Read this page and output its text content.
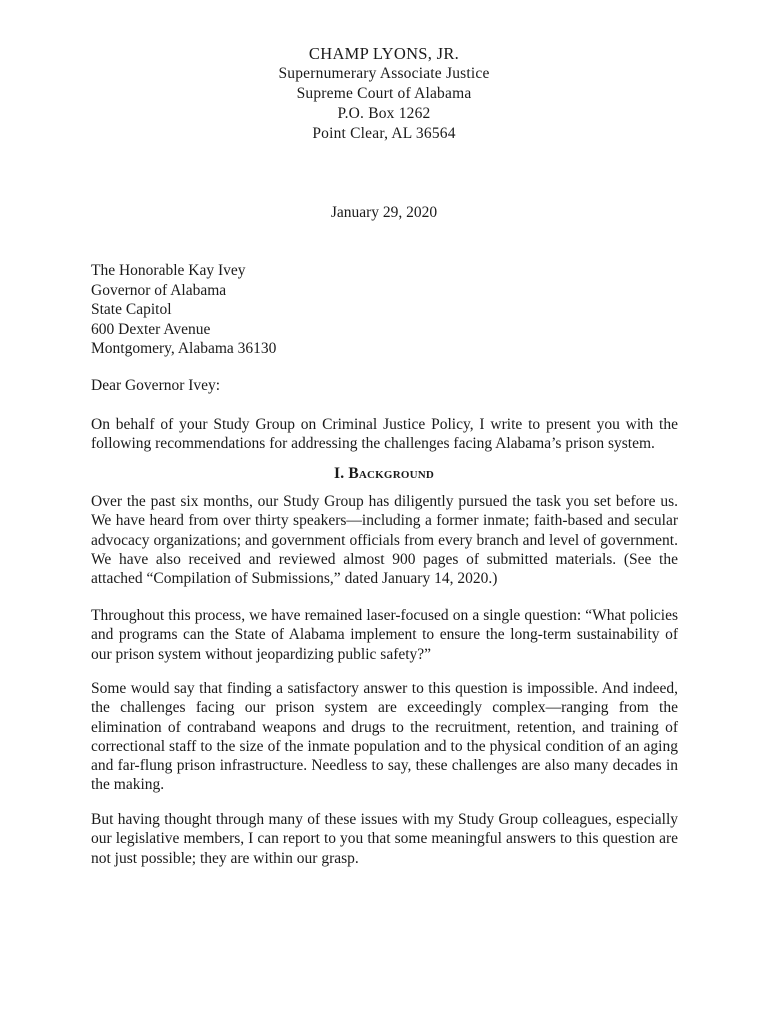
CHAMP LYONS, JR.
Supernumerary Associate Justice
Supreme Court of Alabama
P.O. Box 1262
Point Clear, AL 36564
January 29, 2020
The Honorable Kay Ivey
Governor of Alabama
State Capitol
600 Dexter Avenue
Montgomery, Alabama 36130
Dear Governor Ivey:

On behalf of your Study Group on Criminal Justice Policy, I write to present you with the following recommendations for addressing the challenges facing Alabama’s prison system.

I. Background

Over the past six months, our Study Group has diligently pursued the task you set before us. We have heard from over thirty speakers—including a former inmate; faith-based and secular advocacy organizations; and government officials from every branch and level of government. We have also received and reviewed almost 900 pages of submitted materials. (See the attached “Compilation of Submissions,” dated January 14, 2020.)

Throughout this process, we have remained laser-focused on a single question: “What policies and programs can the State of Alabama implement to ensure the long-term sustainability of our prison system without jeopardizing public safety?”

Some would say that finding a satisfactory answer to this question is impossible. And indeed, the challenges facing our prison system are exceedingly complex—ranging from the elimination of contraband weapons and drugs to the recruitment, retention, and training of correctional staff to the size of the inmate population and to the physical condition of an aging and far-flung prison infrastructure. Needless to say, these challenges are also many decades in the making.

But having thought through many of these issues with my Study Group colleagues, especially our legislative members, I can report to you that some meaningful answers to this question are not just possible; they are within our grasp.
